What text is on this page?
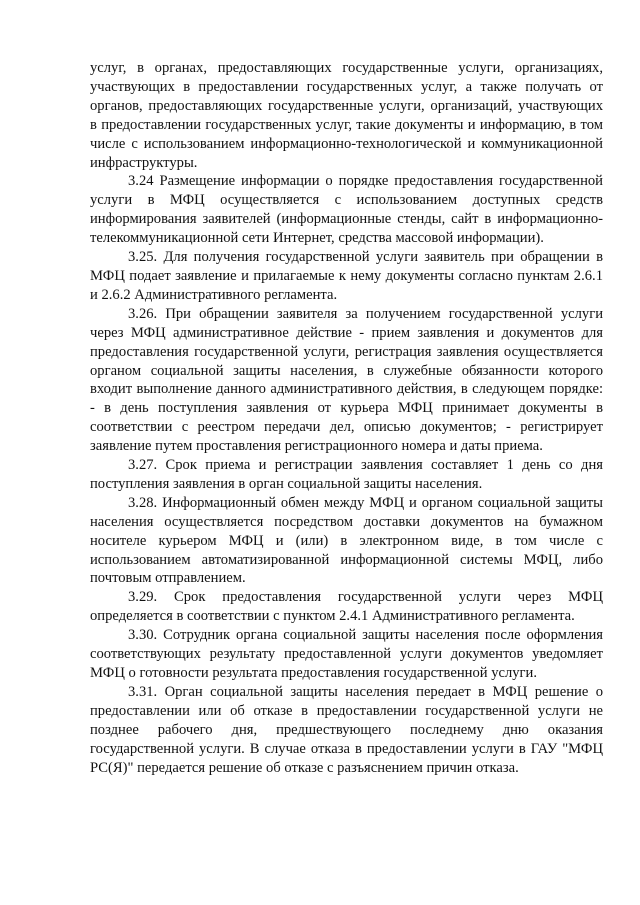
услуг, в органах, предоставляющих государственные услуги, организациях, участвующих в предоставлении государственных услуг, а также получать от органов, предоставляющих государственные услуги, организаций, участвующих в предоставлении государственных услуг, такие документы и информацию, в том числе с использованием информационно-технологической и коммуникационной инфраструктуры.

3.24 Размещение информации о порядке предоставления государственной услуги в МФЦ осуществляется с использованием доступных средств информирования заявителей (информационные стенды, сайт в информационно-телекоммуникационной сети Интернет, средства массовой информации).

3.25. Для получения государственной услуги заявитель при обращении в МФЦ подает заявление и прилагаемые к нему документы согласно пунктам 2.6.1 и 2.6.2 Административного регламента.

3.26. При обращении заявителя за получением государственной услуги через МФЦ административное действие - прием заявления и документов для предоставления государственной услуги, регистрация заявления осуществляется органом социальной защиты населения, в служебные обязанности которого входит выполнение данного административного действия, в следующем порядке: - в день поступления заявления от курьера МФЦ принимает документы в соответствии с реестром передачи дел, описью документов; - регистрирует заявление путем проставления регистрационного номера и даты приема.

3.27. Срок приема и регистрации заявления составляет 1 день со дня поступления заявления в орган социальной защиты населения.

3.28. Информационный обмен между МФЦ и органом социальной защиты населения осуществляется посредством доставки документов на бумажном носителе курьером МФЦ и (или) в электронном виде, в том числе с использованием автоматизированной информационной системы МФЦ, либо почтовым отправлением.

3.29. Срок предоставления государственной услуги через МФЦ определяется в соответствии с пунктом 2.4.1 Административного регламента.

3.30. Сотрудник органа социальной защиты населения после оформления соответствующих результату предоставленной услуги документов уведомляет МФЦ о готовности результата предоставления государственной услуги.

3.31. Орган социальной защиты населения передает в МФЦ решение о предоставлении или об отказе в предоставлении государственной услуги не позднее рабочего дня, предшествующего последнему дню оказания государственной услуги. В случае отказа в предоставлении услуги в ГАУ "МФЦ РС(Я)" передается решение об отказе с разъяснением причин отказа.
